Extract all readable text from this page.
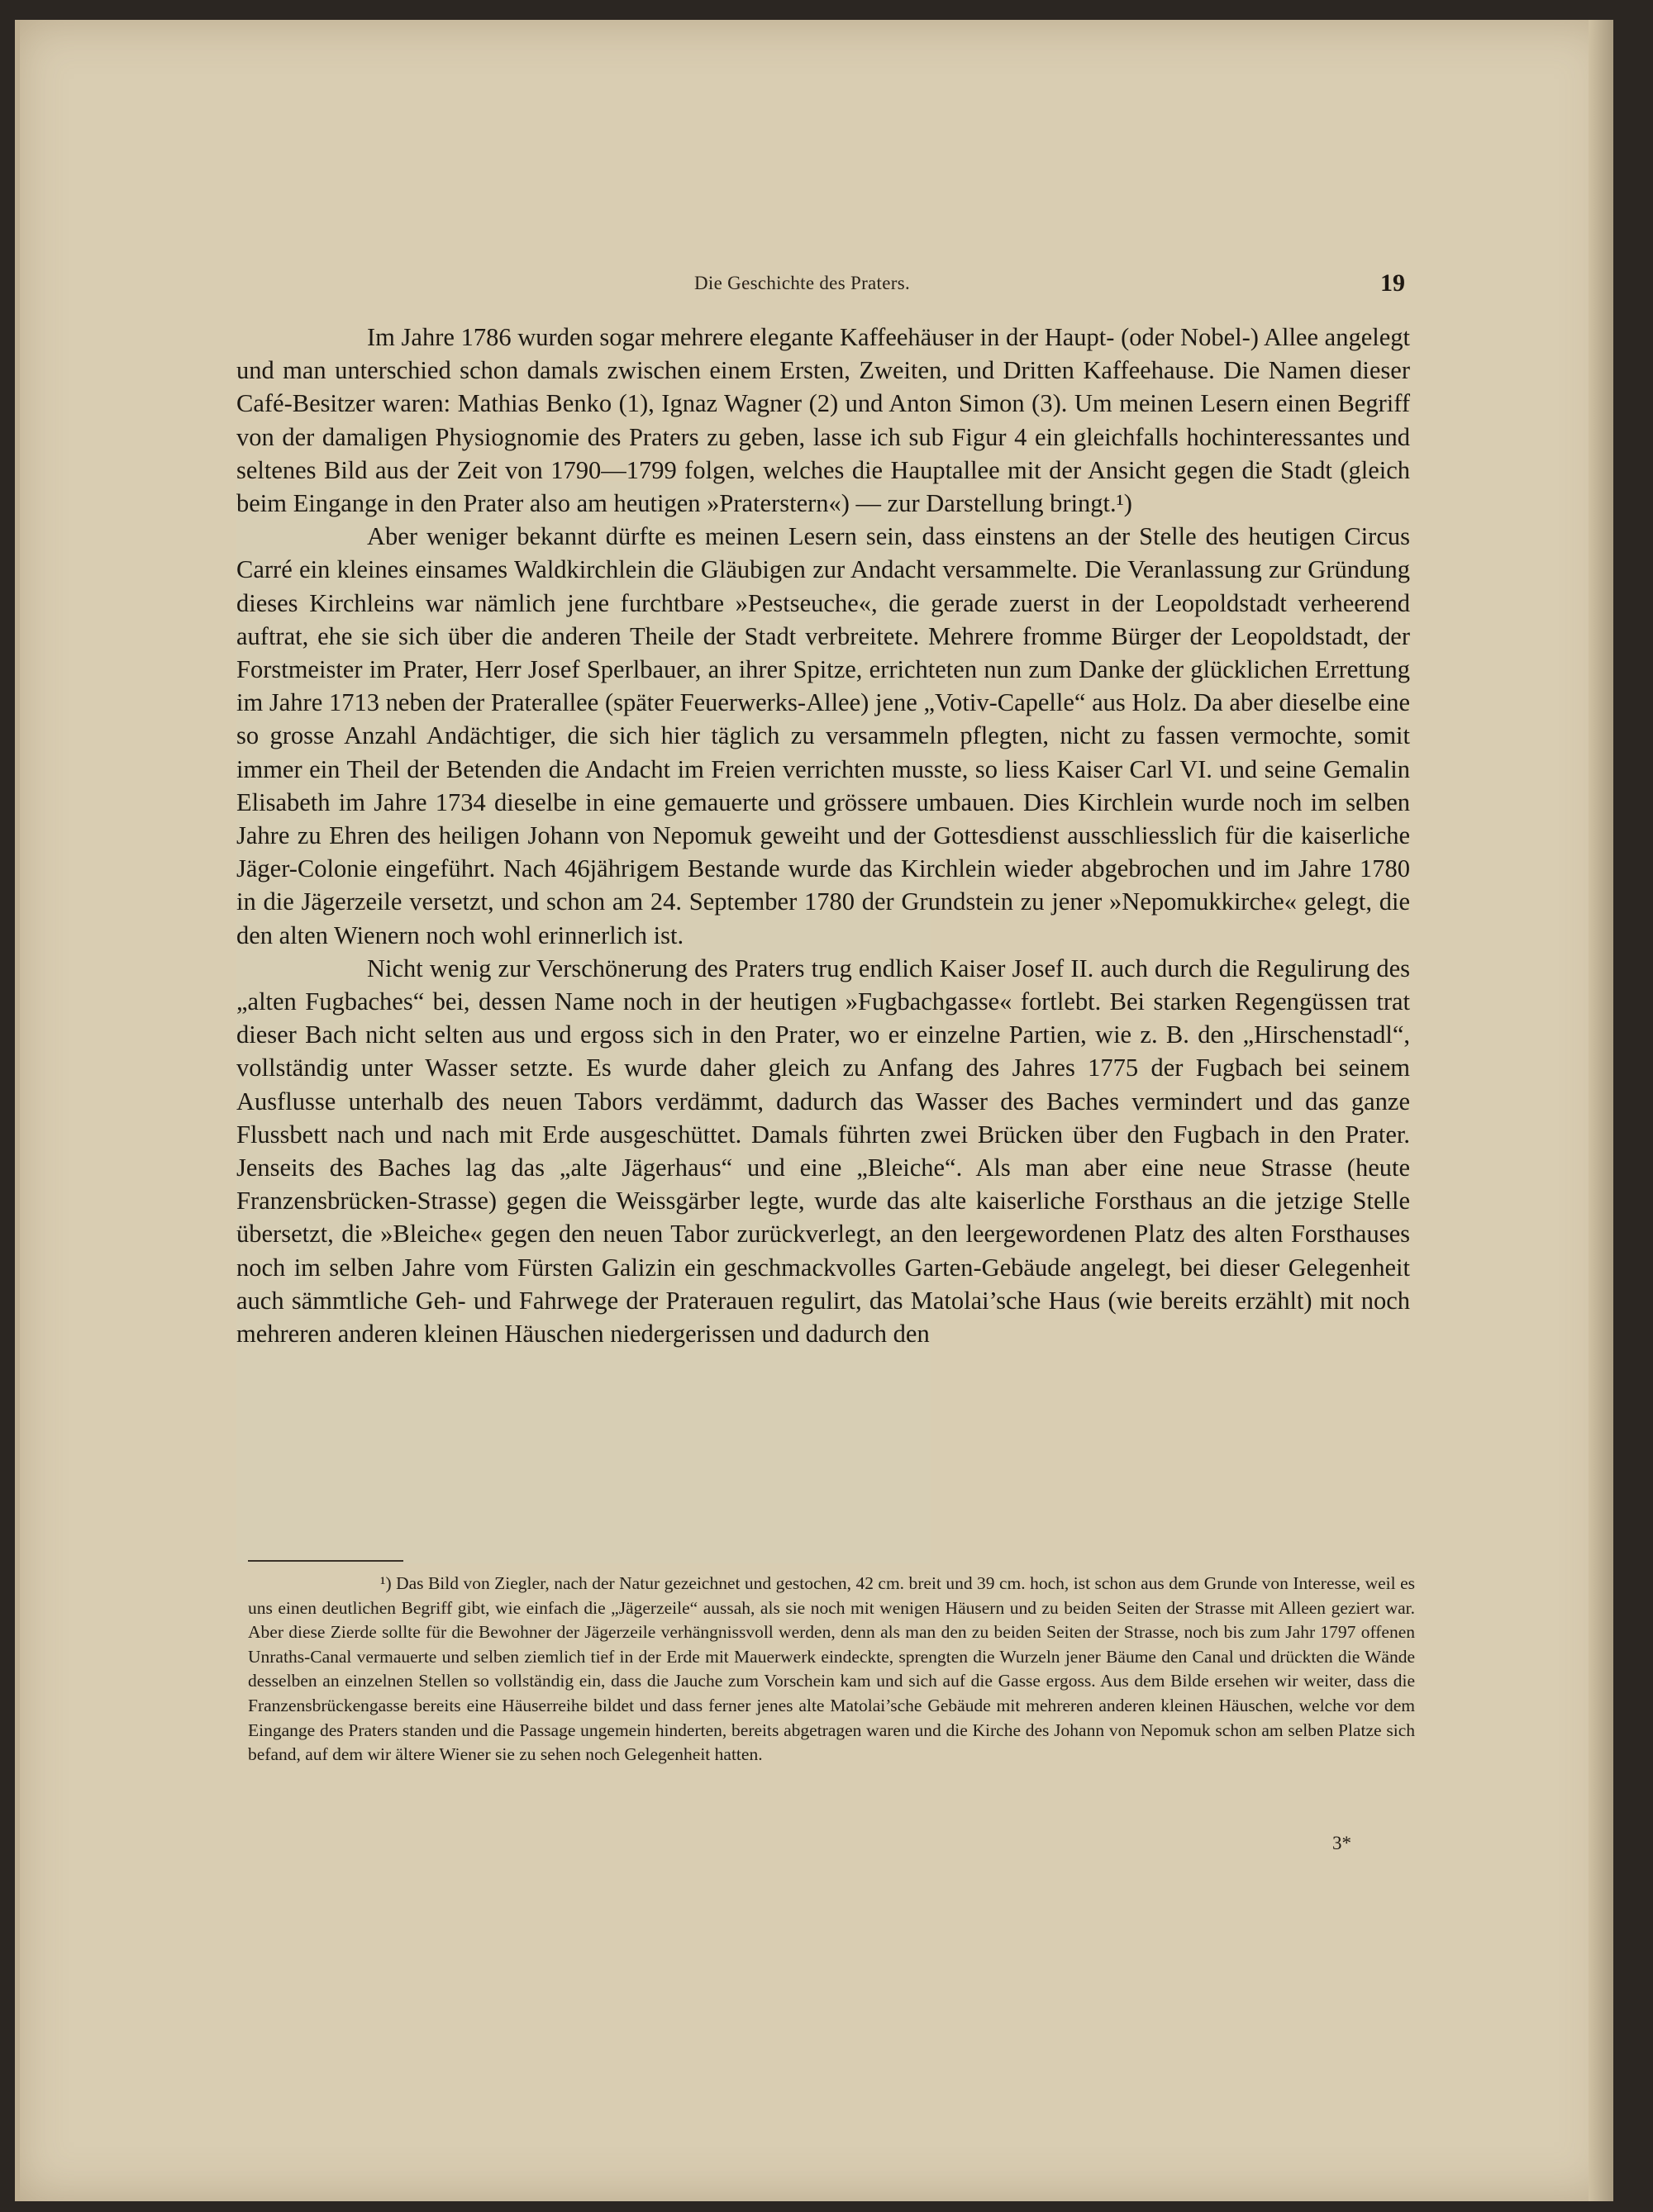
Die Geschichte des Praters.	19

Im Jahre 1786 wurden sogar mehrere elegante Kaffeehäuser in der Haupt- (oder Nobel-) Allee angelegt und man unterschied schon damals zwischen einem Ersten, Zweiten, und Dritten Kaffeehause. Die Namen dieser Café-Besitzer waren: Mathias Benko (1), Ignaz Wagner (2) und Anton Simon (3). Um meinen Lesern einen Begriff von der damaligen Physiognomie des Praters zu geben, lasse ich sub Figur 4 ein gleichfalls hochinteressantes und seltenes Bild aus der Zeit von 1790—1799 folgen, welches die Hauptallee mit der Ansicht gegen die Stadt (gleich beim Eingange in den Prater also am heutigen »Praterstern«) — zur Darstellung bringt.¹)

Aber weniger bekannt dürfte es meinen Lesern sein, dass einstens an der Stelle des heutigen Circus Carré ein kleines einsames Waldkirchlein die Gläubigen zur Andacht versammelte. Die Veranlassung zur Gründung dieses Kirchleins war nämlich jene furchtbare »Pestseuche«, die gerade zuerst in der Leopoldstadt verheerend auftrat, ehe sie sich über die anderen Theile der Stadt verbreitete. Mehrere fromme Bürger der Leopoldstadt, der Forstmeister im Prater, Herr Josef Sperlbauer, an ihrer Spitze, errichteten nun zum Danke der glücklichen Errettung im Jahre 1713 neben der Praterallee (später Feuerwerks-Allee) jene „Votiv-Capelle“ aus Holz. Da aber dieselbe eine so grosse Anzahl Andächtiger, die sich hier täglich zu versammeln pflegten, nicht zu fassen vermochte, somit immer ein Theil der Betenden die Andacht im Freien verrichten musste, so liess Kaiser Carl VI. und seine Gemalin Elisabeth im Jahre 1734 dieselbe in eine gemauerte und grössere umbauen. Dies Kirchlein wurde noch im selben Jahre zu Ehren des heiligen Johann von Nepomuk geweiht und der Gottesdienst ausschliesslich für die kaiserliche Jäger-Colonie eingeführt. Nach 46jährigem Bestande wurde das Kirchlein wieder abgebrochen und im Jahre 1780 in die Jägerzeile versetzt, und schon am 24. September 1780 der Grundstein zu jener »Nepomukkirche« gelegt, die den alten Wienern noch wohl erinnerlich ist.

Nicht wenig zur Verschönerung des Praters trug endlich Kaiser Josef II. auch durch die Regulirung des „alten Fugbaches“ bei, dessen Name noch in der heutigen »Fugbachgasse« fortlebt. Bei starken Regengüssen trat dieser Bach nicht selten aus und ergoss sich in den Prater, wo er einzelne Partien, wie z. B. den „Hirschenstadl“, vollständig unter Wasser setzte. Es wurde daher gleich zu Anfang des Jahres 1775 der Fugbach bei seinem Ausflusse unterhalb des neuen Tabors verdämmt, dadurch das Wasser des Baches vermindert und das ganze Flussbett nach und nach mit Erde ausgeschüttet. Damals führten zwei Brücken über den Fugbach in den Prater. Jenseits des Baches lag das „alte Jägerhaus“ und eine „Bleiche“. Als man aber eine neue Strasse (heute Franzensbrücken-Strasse) gegen die Weissgärber legte, wurde das alte kaiserliche Forsthaus an die jetzige Stelle übersetzt, die »Bleiche« gegen den neuen Tabor zurückverlegt, an den leergewordenen Platz des alten Forsthauses noch im selben Jahre vom Fürsten Galizin ein geschmackvolles Garten-Gebäude angelegt, bei dieser Gelegenheit auch sämmtliche Geh- und Fahrwege der Praterauen regulirt, das Matolai’sche Haus (wie bereits erzählt) mit noch mehreren anderen kleinen Häuschen niedergerissen und dadurch den

¹) Das Bild von Ziegler, nach der Natur gezeichnet und gestochen, 42 cm. breit und 39 cm. hoch, ist schon aus dem Grunde von Interesse, weil es uns einen deutlichen Begriff gibt, wie einfach die „Jägerzeile“ aussah, als sie noch mit wenigen Häusern und zu beiden Seiten der Strasse mit Alleen geziert war. Aber diese Zierde sollte für die Bewohner der Jägerzeile verhängnissvoll werden, denn als man den zu beiden Seiten der Strasse, noch bis zum Jahr 1797 offenen Unraths-Canal vermauerte und selben ziemlich tief in der Erde mit Mauerwerk eindeckte, sprengten die Wurzeln jener Bäume den Canal und drückten die Wände desselben an einzelnen Stellen so vollständig ein, dass die Jauche zum Vorschein kam und sich auf die Gasse ergoss. Aus dem Bilde ersehen wir weiter, dass die Franzensbrückengasse bereits eine Häuserreihe bildet und dass ferner jenes alte Matolai’sche Gebäude mit mehreren anderen kleinen Häuschen, welche vor dem Eingange des Praters standen und die Passage ungemein hinderten, bereits abgetragen waren und die Kirche des Johann von Nepomuk schon am selben Platze sich befand, auf dem wir ältere Wiener sie zu sehen noch Gelegenheit hatten.

3*
